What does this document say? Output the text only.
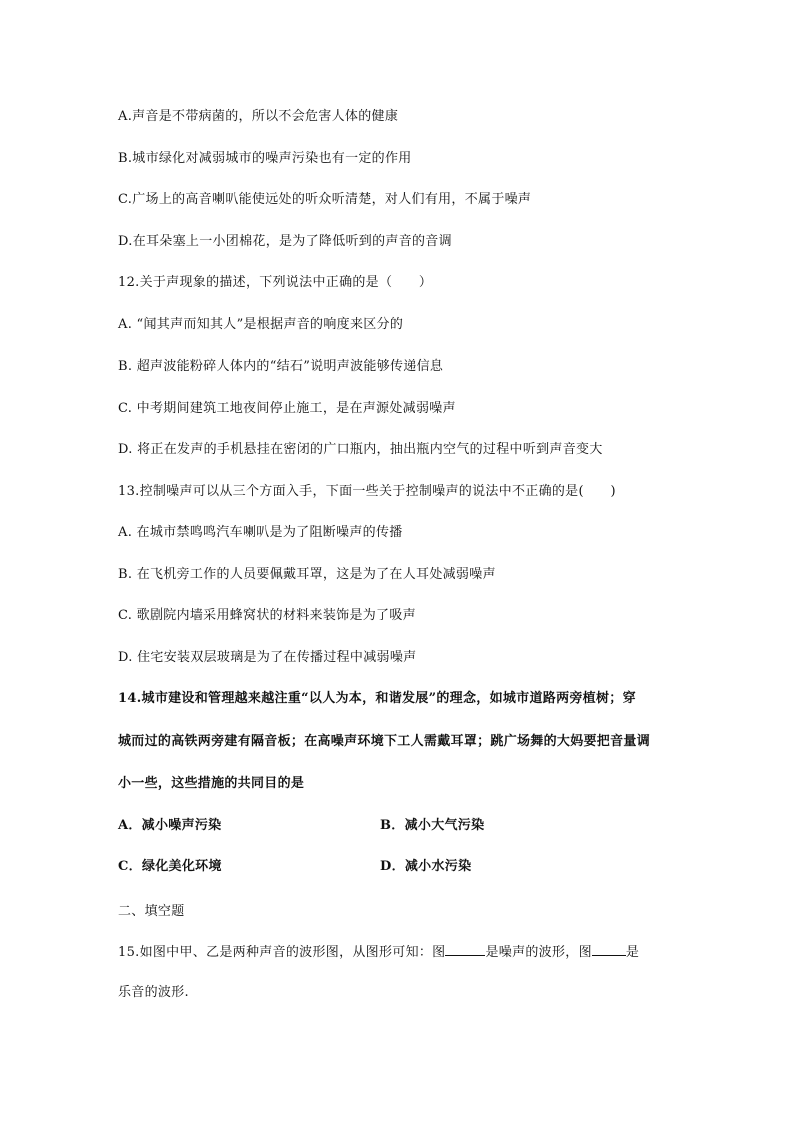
A.声音是不带病菌的，所以不会危害人体的健康
B.城市绿化对减弱城市的噪声污染也有一定的作用
C.广场上的高音喇叭能使远处的听众听清楚，对人们有用，不属于噪声
D.在耳朵塞上一小团棉花，是为了降低听到的声音的音调
12.关于声现象的描述，下列说法中正确的是（　　）
A. “闻其声而知其人”是根据声音的响度来区分的
B. 超声波能粉碎人体内的“结石”说明声波能够传递信息
C. 中考期间建筑工地夜间停止施工，是在声源处减弱噪声
D. 将正在发声的手机悬挂在密闭的广口瓶内，抽出瓶内空气的过程中听到声音变大
13.控制噪声可以从三个方面入手，下面一些关于控制噪声的说法中不正确的是(　　)
A. 在城市禁鸣鸣汽车喇叭是为了阻断噪声的传播
B. 在飞机旁工作的人员要佩戴耳罩，这是为了在人耳处减弱噪声
C. 歌剧院内墙采用蜂窝状的材料来装饰是为了吸声
D. 住宅安装双层玻璃是为了在传播过程中减弱噪声
14.城市建设和管理越来越注重“以人为本，和谐发展”的理念，如城市道路两旁植树；穿
城而过的高铁两旁建有隔音板；在高噪声环境下工人需戴耳罩；跳广场舞的大妈要把音量调
小一些，这些措施的共同目的是
A．减小噪声污染	B．减小大气污染
C．绿化美化环境	D．减小水污染
二、填空题
15.如图中甲、乙是两种声音的波形图，从图形可知：图	是噪声的波形，图	是
乐音的波形.
